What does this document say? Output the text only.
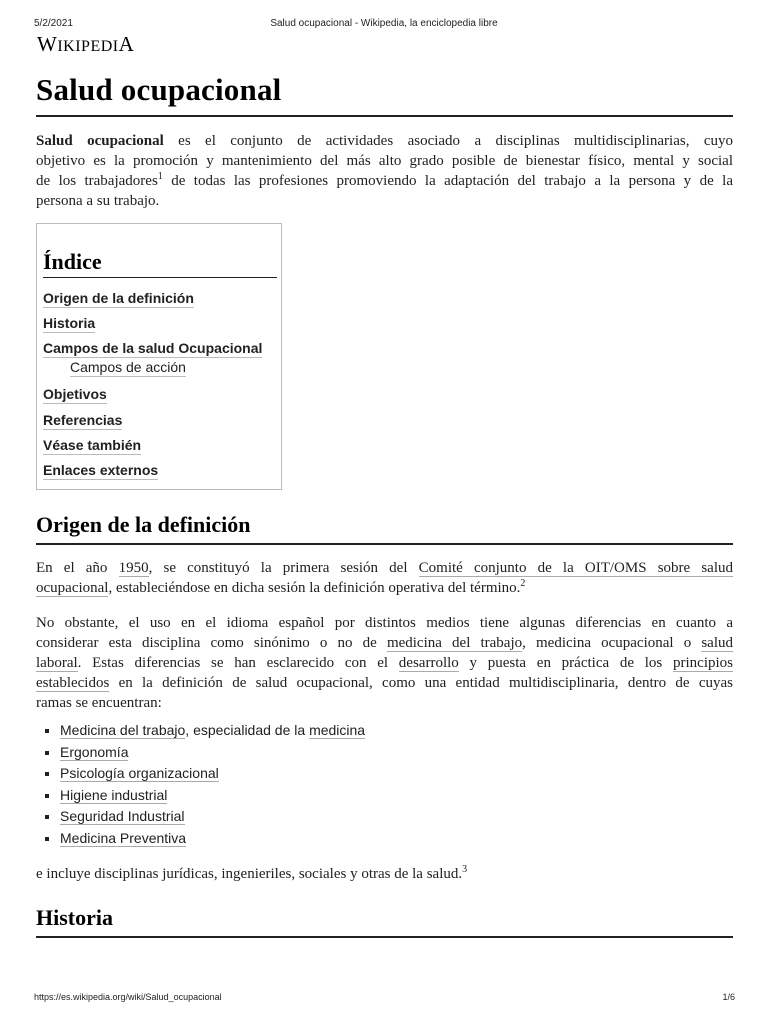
5/2/2021	Salud ocupacional - Wikipedia, la enciclopedia libre
WIKIPEDIA
Salud ocupacional
Salud ocupacional es el conjunto de actividades asociado a disciplinas multidisciplinarias, cuyo
objetivo es la promoción y mantenimiento del más alto grado posible de bienestar físico, mental y social
de los trabajadores$^1$ de todas las profesiones promoviendo la adaptación del trabajo a la persona y de la
persona a su trabajo.
Índice
Origen de la definición
Historia
Campos de la salud Ocupacional
Campos de acción
Objetivos
Referencias
Véase también
Enlaces externos
Origen de la definición
En el año 1950, se constituyó la primera sesión del Comité conjunto de la OIT/OMS sobre salud
ocupacional, estableciéndose en dicha sesión la definición operativa del término.$^2$
No obstante, el uso en el idioma español por distintos medios tiene algunas diferencias en cuanto a
considerar esta disciplina como sinónimo o no de medicina del trabajo, medicina ocupacional o salud
laboral. Estas diferencias se han esclarecido con el desarrollo y puesta en práctica de los principios
establecidos en la definición de salud ocupacional, como una entidad multidisciplinaria, dentro de cuyas
ramas se encuentran:
Medicina del trabajo, especialidad de la medicina
Ergonomía
Psicología organizacional
Higiene industrial
Seguridad Industrial
Medicina Preventiva
e incluye disciplinas jurídicas, ingenieriles, sociales y otras de la salud.$^3$
Historia
https://es.wikipedia.org/wiki/Salud_ocupacional	1/6
